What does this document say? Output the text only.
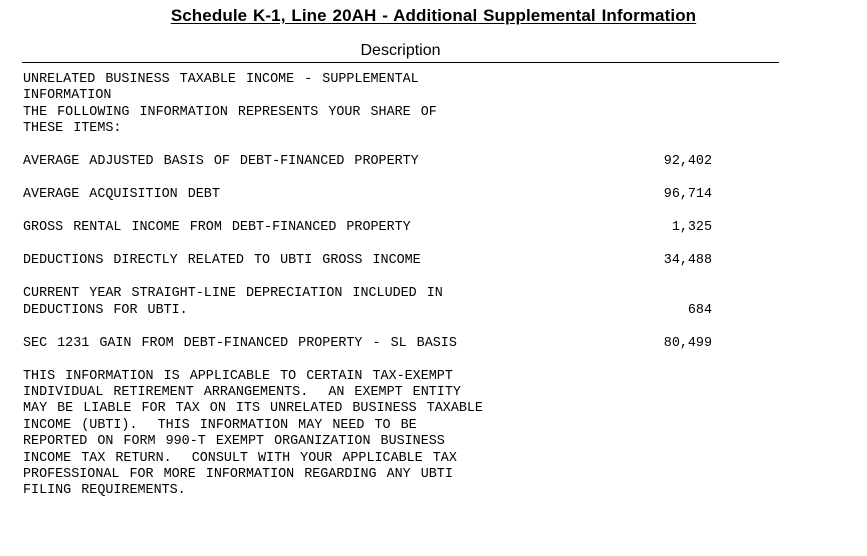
Schedule K-1, Line 20AH - Additional Supplemental Information
Description
UNRELATED BUSINESS TAXABLE INCOME - SUPPLEMENTAL
INFORMATION
THE FOLLOWING INFORMATION REPRESENTS YOUR SHARE OF
THESE ITEMS:
AVERAGE ADJUSTED BASIS OF DEBT-FINANCED PROPERTY	92,402
AVERAGE ACQUISITION DEBT	96,714
GROSS RENTAL INCOME FROM DEBT-FINANCED PROPERTY	1,325
DEDUCTIONS DIRECTLY RELATED TO UBTI GROSS INCOME	34,488
CURRENT YEAR STRAIGHT-LINE DEPRECIATION INCLUDED IN
DEDUCTIONS FOR UBTI.	684
SEC 1231 GAIN FROM DEBT-FINANCED PROPERTY - SL BASIS	80,499
THIS INFORMATION IS APPLICABLE TO CERTAIN TAX-EXEMPT
INDIVIDUAL RETIREMENT ARRANGEMENTS.  AN EXEMPT ENTITY
MAY BE LIABLE FOR TAX ON ITS UNRELATED BUSINESS TAXABLE
INCOME (UBTI).  THIS INFORMATION MAY NEED TO BE
REPORTED ON FORM 990-T EXEMPT ORGANIZATION BUSINESS
INCOME TAX RETURN.  CONSULT WITH YOUR APPLICABLE TAX
PROFESSIONAL FOR MORE INFORMATION REGARDING ANY UBTI
FILING REQUIREMENTS.
